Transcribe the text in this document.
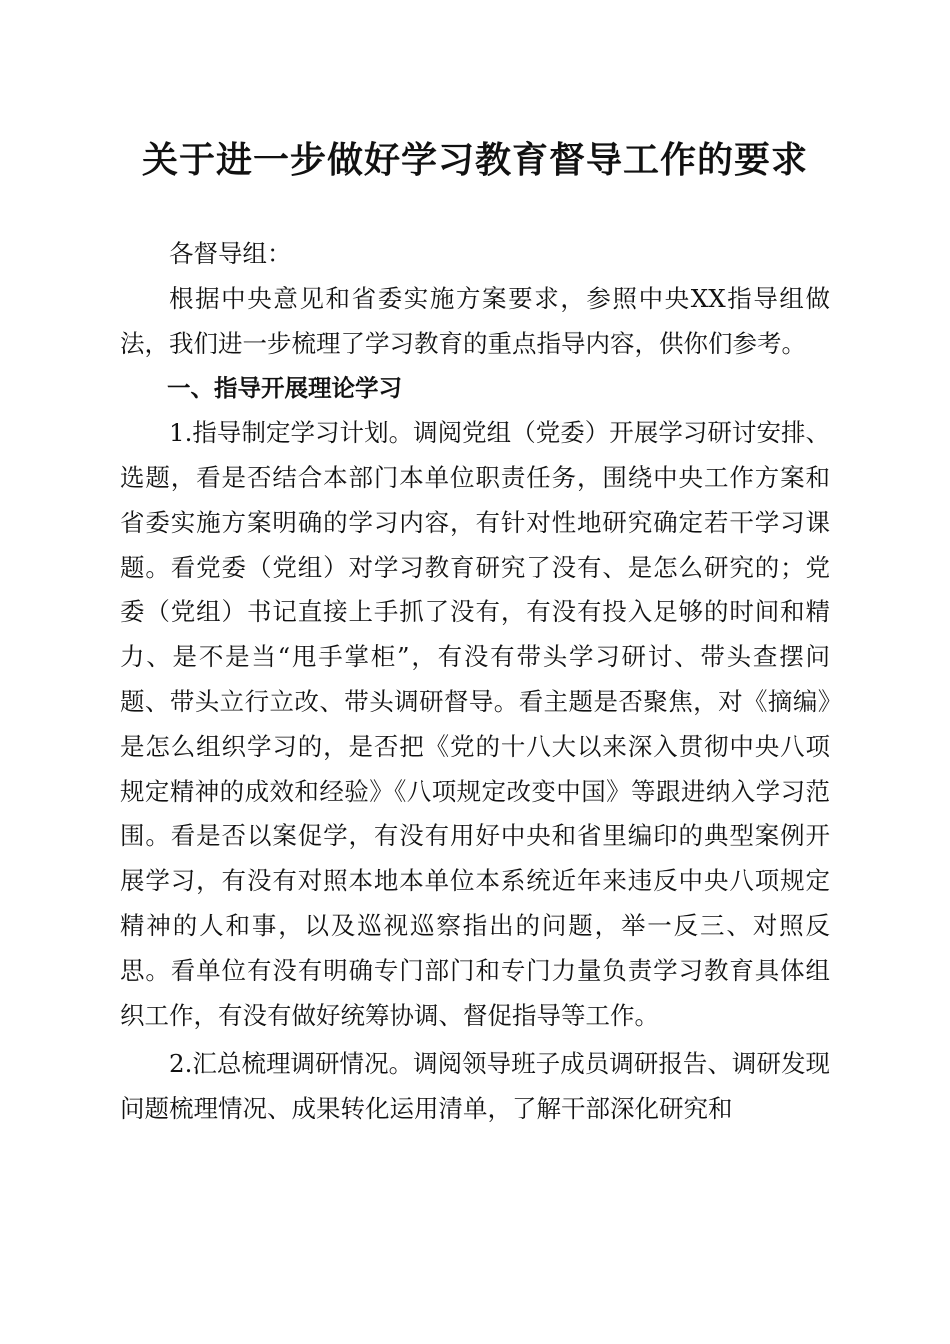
关于进一步做好学习教育督导工作的要求

各督导组：

根据中央意见和省委实施方案要求，参照中央XX指导组做法，我们进一步梳理了学习教育的重点指导内容，供你们参考。

一、指导开展理论学习

1.指导制定学习计划。调阅党组（党委）开展学习研讨安排、选题，看是否结合本部门本单位职责任务，围绕中央工作方案和省委实施方案明确的学习内容，有针对性地研究确定若干学习课题。看党委（党组）对学习教育研究了没有、是怎么研究的；党委（党组）书记直接上手抓了没有，有没有投入足够的时间和精力、是不是当“甩手掌柜”，有没有带头学习研讨、带头查摆问题、带头立行立改、带头调研督导。看主题是否聚焦，对《摘编》是怎么组织学习的，是否把《党的十八大以来深入贯彻中央八项规定精神的成效和经验》《八项规定改变中国》等跟进纳入学习范围。看是否以案促学，有没有用好中央和省里编印的典型案例开展学习，有没有对照本地本单位本系统近年来违反中央八项规定精神的人和事，以及巡视巡察指出的问题，举一反三、对照反思。看单位有没有明确专门部门和专门力量负责学习教育具体组织工作，有没有做好统筹协调、督促指导等工作。

2.汇总梳理调研情况。调阅领导班子成员调研报告、调研发现问题梳理情况、成果转化运用清单，了解干部深化研究和
